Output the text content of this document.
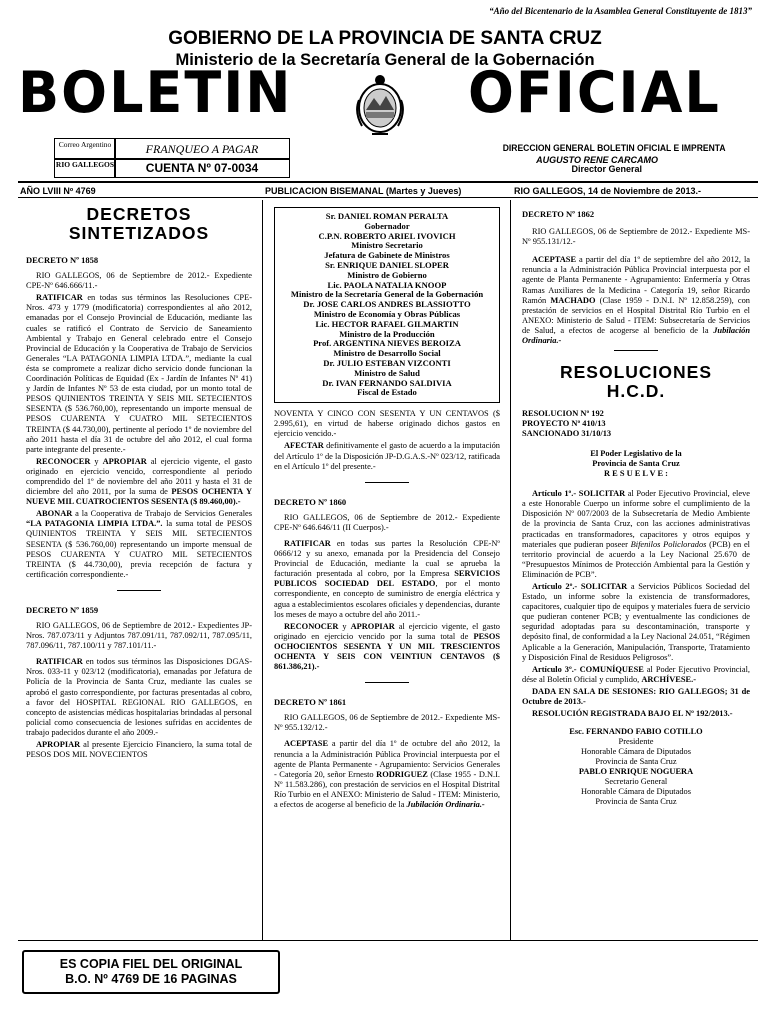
“Año del Bicentenario de la Asamblea General Constituyente de 1813”
GOBIERNO DE LA PROVINCIA DE SANTA CRUZ
Ministerio de la Secretaría General de la Gobernación
BOLETIN	OFICIAL
Correo Argentino
RIO GALLEGOS
FRANQUEO A PAGAR
CUENTA Nº 07-0034
DIRECCION GENERAL BOLETIN OFICIAL E IMPRENTA
AUGUSTO RENE CARCAMO
Director General
AÑO LVIII Nº 4769	PUBLICACION BISEMANAL (Martes y Jueves)	RIO GALLEGOS, 14 de Noviembre de 2013.-
DECRETOS
SINTETIZADOS
DECRETO Nº 1858

RIO GALLEGOS, 06 de Septiembre de 2012.- Expediente CPE-Nº 646.666/11.-

RATIFICAR en todas sus términos las Resoluciones CPE-Nros. 473 y 1779 (modificatoria) correspondientes al año 2012, emanadas por el Consejo Provincial de Educación, mediante las cuales se ratificó el Contrato de Servicio de Saneamiento Ambiental y Trabajo en General celebrado entre el Consejo Provincial de Educación y la Cooperativa de Trabajo de Servicios Generales “LA PATAGONIA LIMPIA LTDA.”, mediante la cual ésta se compromete a realizar dicho servicio donde funcionan la Coordinación Políticas de Equidad (Ex - Jardín de Infantes Nº 41) y Jardín de Infantes Nº 53 de esta ciudad, por un monto total de PESOS QUINIENTOS TREINTA Y SEIS MIL SETECIENTOS SESENTA ($ 536.760,00), representando un importe mensual de PESOS CUARENTA Y CUATRO MIL SETECIENTOS TREINTA ($ 44.730,00), pertinente al período 1º de noviembre del año 2011 hasta el día 31 de octubre del año 2012, el cual forma parte integrante del presente.-

RECONOCER y APROPIAR al ejercicio vigente, el gasto originado en ejercicio vencido, correspondiente al período comprendido del 1º de noviembre del año 2011 y hasta el 31 de diciembre del año 2011, por la suma de PESOS OCHENTA Y NUEVE MIL CUATROCIENTOS SESENTA ($ 89.460,00).-

ABONAR a la Cooperativa de Trabajo de Servicios Generales “LA PATAGONIA LIMPIA LTDA.”. la suma total de PESOS QUINIENTOS TREINTA Y SEIS MIL SETECIENTOS SESENTA ($ 536.760,00) representando un importe mensual de PESOS CUARENTA Y CUATRO MIL SETECIENTOS TREINTA ($ 44.730,00), previa recepción de factura y certificación correspondiente.-

DECRETO Nº 1859

RIO GALLEGOS, 06 de Septiembre de 2012.- Expedientes JP-Nros. 787.073/11 y Adjuntos 787.091/11, 787.092/11, 787.095/11, 787.096/11, 787.100/11 y 787.101/11.-

RATIFICAR en todos sus términos las Disposiciones DGAS-Nros. 033-11 y 023/12 (modificatoria), emanadas por Jefatura de Policía de la Provincia de Santa Cruz, mediante las cuales se aprobó el gasto correspondiente, por facturas presentadas al cobro, a favor del HOSPITAL REGIONAL RIO GALLEGOS, en concepto de asistencias médicas hospitalarias brindadas al personal policial como consecuencia de lesiones sufridas en accidentes de trabajo padecidos durante el año 2009.-

APROPIAR al presente Ejercicio Financiero, la suma total de PESOS DOS MIL NOVECIENTOS

Sr. DANIEL ROMAN PERALTA
Gobernador
C.P.N. ROBERTO ARIEL IVOVICH
Ministro Secretario
Jefatura de Gabinete de Ministros
Sr. ENRIQUE DANIEL SLOPER
Ministro de Gobierno
Lic. PAOLA NATALIA KNOOP
Ministro de la Secretaría General de la Gobernación
Dr. JOSE CARLOS ANDRES BLASSIOTTO
Ministro de Economía y Obras Públicas
Lic. HECTOR RAFAEL GILMARTIN
Ministro de la Producción
Prof. ARGENTINA NIEVES BEROIZA
Ministro de Desarrollo Social
Dr. JULIO ESTEBAN VIZCONTI
Ministro de Salud
Dr. IVAN FERNANDO SALDIVIA
Fiscal de Estado

NOVENTA Y CINCO CON SESENTA Y UN CENTAVOS ($ 2.995,61), en virtud de haberse originado dichos gastos en ejercicio vencido.-

AFECTAR definitivamente el gasto de acuerdo a la imputación del Artículo 1º de la Disposición JP-D.G.A.S.-Nº 023/12, ratificada en el Artículo 1º del presente.-

DECRETO Nº 1860

RIO GALLEGOS, 06 de Septiembre de 2012.- Expediente CPE-Nº 646.646/11 (II Cuerpos).-

RATIFICAR en todas sus partes la Resolución CPE-Nº 0666/12 y su anexo, emanada por la Presidencia del Consejo Provincial de Educación, mediante la cual se aprueba la facturación presentada al cobro, por la Empresa SERVICIOS PUBLICOS SOCIEDAD DEL ESTADO, por el monto correspondiente, en concepto de suministro de energía eléctrica y agua a establecimientos escolares oficiales y dependencias, durante los meses de mayo a octubre del año 2011.-

RECONOCER y APROPIAR al ejercicio vigente, el gasto originado en ejercicio vencido por la suma total de PESOS OCHOCIENTOS SESENTA Y UN MIL TRESCIENTOS OCHENTA Y SEIS CON VEINTIUN CENTAVOS ($ 861.386,21).-

DECRETO Nº 1861

RIO GALLEGOS, 06 de Septiembre de 2012.- Expediente MS-Nº 955.132/12.-

ACEPTASE a partir del día 1º de octubre del año 2012, la renuncia a la Administración Pública Provincial interpuesta por el agente de Planta Permanente - Agrupamiento: Servicios Generales - Categoría 20, señor Ernesto RODRIGUEZ (Clase 1955 - D.N.I. Nº 11.583.286), con prestación de servicios en el Hospital Distrital Río Turbio en el ANEXO: Ministerio de Salud - ITEM: Ministerio, a efectos de acogerse al beneficio de la Jubilación Ordinaria.-

DECRETO Nº 1862

RIO GALLEGOS, 06 de Septiembre de 2012.- Expediente MS-Nº 955.131/12.-

ACEPTASE a partir del día 1º de septiembre del año 2012, la renuncia a la Administración Pública Provincial interpuesta por el agente de Planta Permanente - Agrupamiento: Enfermería y Otras Ramas Auxiliares de la Medicina - Categoría 19, señor Ricardo Ramón MACHADO (Clase 1959 - D.N.I. Nº 12.858.259), con prestación de servicios en el Hospital Distrital Río Turbio en el ANEXO: Ministerio de Salud - ITEM: Subsecretaría de Servicios de Salud, a efectos de acogerse al beneficio de la Jubilación Ordinaria.-

RESOLUCIONES
H.C.D.
RESOLUCION Nº 192
PROYECTO Nº 410/13
SANCIONADO 31/10/13
El Poder Legislativo de la
Provincia de Santa Cruz
R E S U E L V E :

Artículo 1º.- SOLICITAR al Poder Ejecutivo Provincial, eleve a este Honorable Cuerpo un informe sobre el cumplimiento de la Disposición Nº 007/2003 de la Subsecretaría de Medio Ambiente de la provincia de Santa Cruz, con las acciones administrativas practicadas en transformadores, capacitores y otros equipos y materiales que pudieran poseer Bifenilos Policlorados (PCB) en el territorio provincial de acuerdo a la Ley Nacional 25.670 de “Presupuestos Mínimos de Protección Ambiental para la Gestión y Eliminación de PCB”.

Artículo 2º.- SOLICITAR a Servicios Públicos Sociedad del Estado, un informe sobre la existencia de transformadores, capacitores, cualquier tipo de equipos y materiales fuera de servicio que pudieran contener PCB; y eventualmente las condiciones de seguridad adoptadas para su descontaminación, transporte y depósito final, de conformidad a la Ley Nacional 24.051, “Régimen Aplicable a la Generación, Manipulación, Transporte, Tratamiento y Disposición Final de Residuos Peligrosos”.

Artículo 3º.- COMUNÍQUESE al Poder Ejecutivo Provincial, dése al Boletín Oficial y cumplido, ARCHÍVESE.-

DADA EN SALA DE SESIONES: RIO GALLEGOS; 31 de Octubre de 2013.-

RESOLUCIÓN REGISTRADA BAJO EL Nº 192/2013.-

Esc. FERNANDO FABIO COTILLO
Presidente
Honorable Cámara de Diputados
Provincia de Santa Cruz
PABLO ENRIQUE NOGUERA
Secretario General
Honorable Cámara de Diputados
Provincia de Santa Cruz
ES COPIA FIEL DEL ORIGINAL
B.O. Nº 4769 DE 16 PAGINAS
